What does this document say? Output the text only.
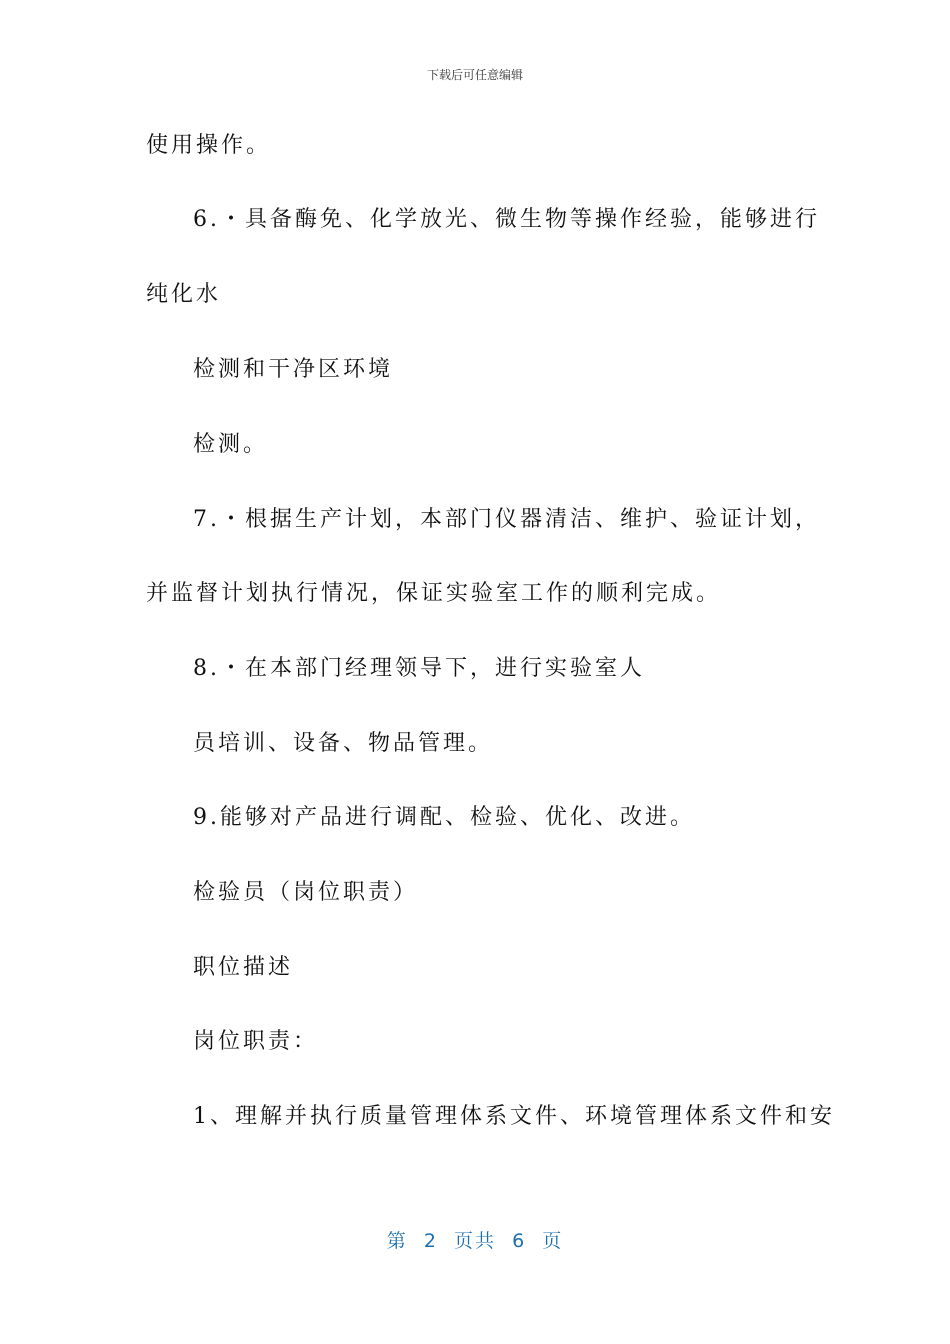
下载后可任意编辑
使用操作。
6.・具备酶免、化学放光、微生物等操作经验，能够进行
纯化水
检测和干净区环境
检测。
7.・根据生产计划，本部门仪器清洁、维护、验证计划，
并监督计划执行情况，保证实验室工作的顺利完成。
8.・在本部门经理领导下，进行实验室人
员培训、设备、物品管理。
9.能够对产品进行调配、检验、优化、改进。
检验员（岗位职责）
职位描述
岗位职责：
1、理解并执行质量管理体系文件、环境管理体系文件和安
第  2  页共  6  页
